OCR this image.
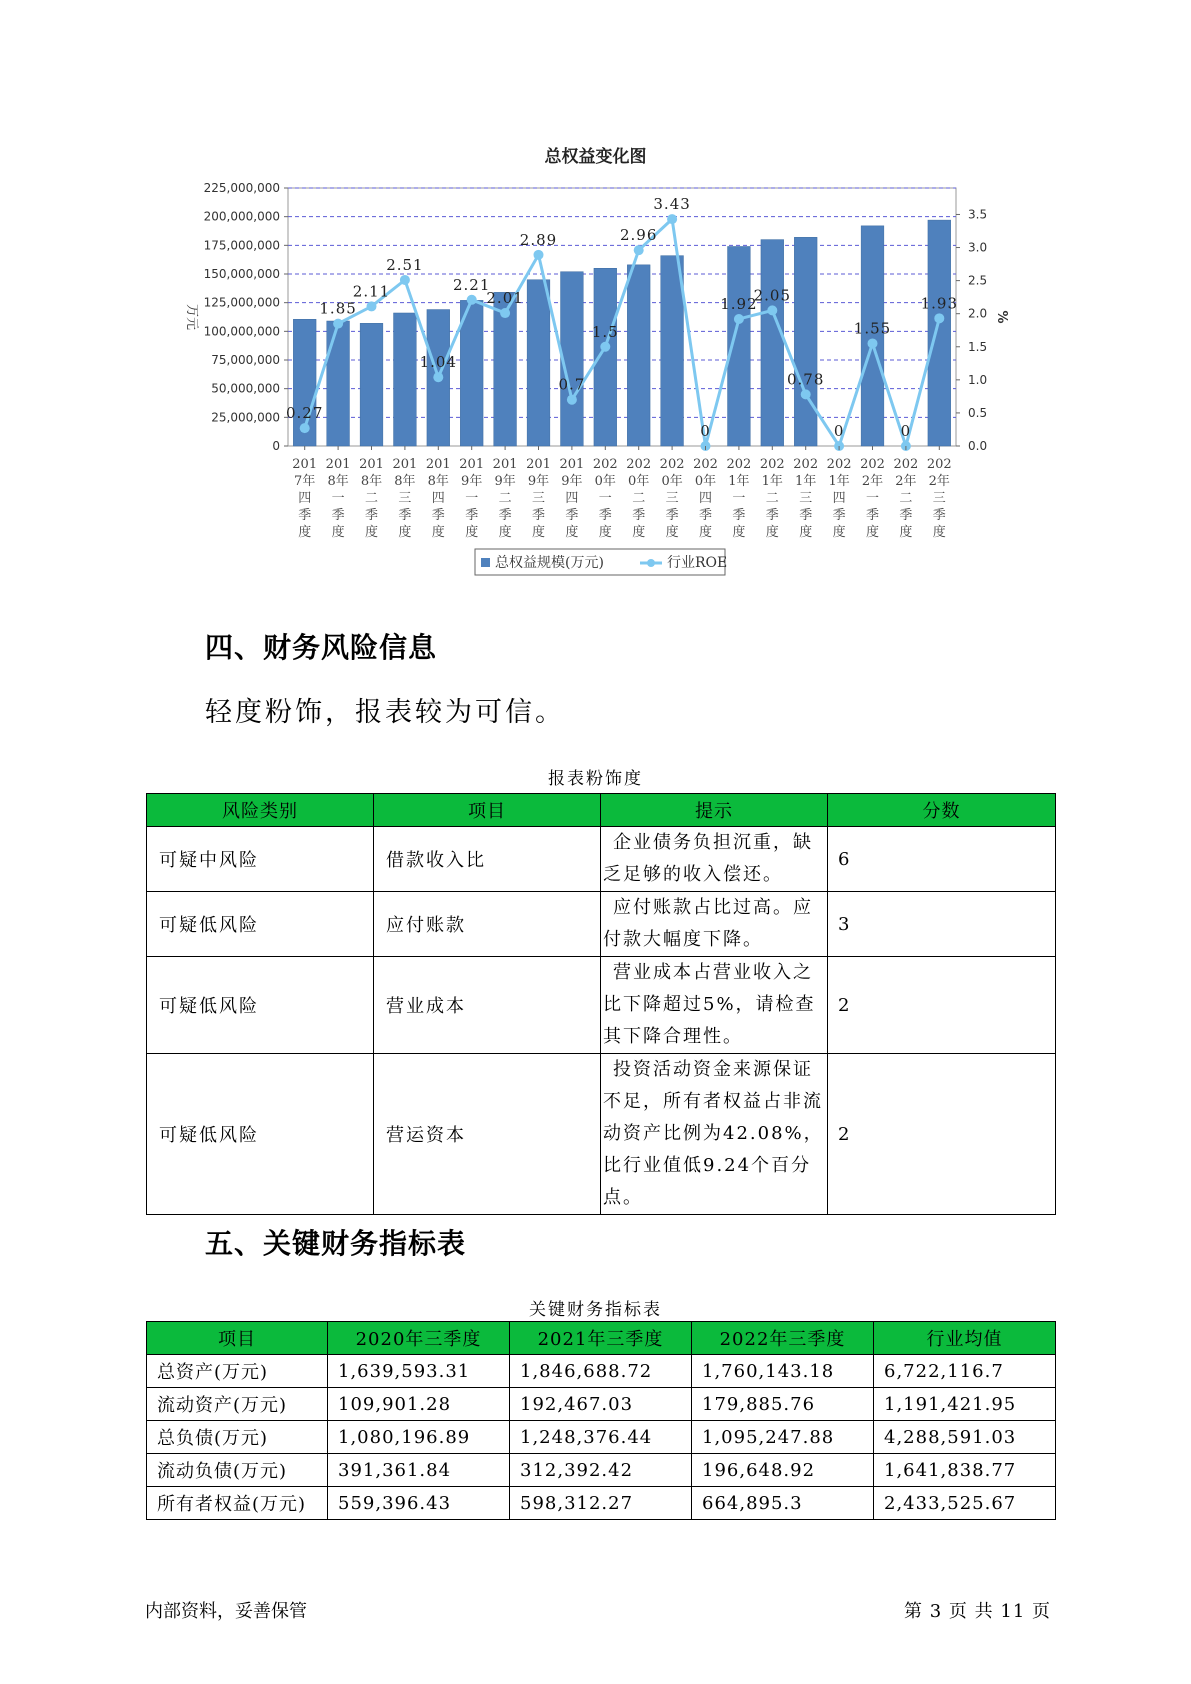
总权益变化图
0
25,000,000
50,000,000
75,000,000
100,000,000
125,000,000
150,000,000
175,000,000
200,000,000
225,000,000
0.0
0.5
1.0
1.5
2.0
2.5
3.0
3.5
万元	%
0.27
1.85
2.11
2.51
1.04
2.21
2.01
2.89
0.7
1.5
2.96
3.43
0
1.92
2.05
0.78
0
1.55
0
1.93
201
7年
四
季
度
201
8年
一
季
度
201
8年
二
季
度
201
8年
三
季
度
201
8年
四
季
度
201
9年
一
季
度
201
9年
二
季
度
201
9年
三
季
度
201
9年
四
季
度
202
0年
一
季
度
202
0年
二
季
度
202
0年
三
季
度
202
0年
四
季
度
202
1年
一
季
度
202
1年
二
季
度
202
1年
三
季
度
202
1年
四
季
度
202
2年
一
季
度
202
2年
二
季
度
202
2年
三
季
度
总权益规模(万元)	行业ROE
四、财务风险信息
轻度粉饰，报表较为可信。
报表粉饰度
风险类别	项目	提示	分数
可疑中风险	借款收入比	企业债务负担沉重，缺乏足够的收入偿还。	6
可疑低风险	应付账款	应付账款占比过高。应付款大幅度下降。	3
可疑低风险	营业成本	营业成本占营业收入之比下降超过5%，请检查其下降合理性。	2
可疑低风险	营运资本	投资活动资金来源保证不足，所有者权益占非流动资产比例为42.08%，比行业值低9.24个百分点。	2
五、关键财务指标表
关键财务指标表
项目	2020年三季度	2021年三季度	2022年三季度	行业均值
总资产(万元)	1,639,593.31	1,846,688.72	1,760,143.18	6,722,116.7
流动资产(万元)	109,901.28	192,467.03	179,885.76	1,191,421.95
总负债(万元)	1,080,196.89	1,248,376.44	1,095,247.88	4,288,591.03
流动负债(万元)	391,361.84	312,392.42	196,648.92	1,641,838.77
所有者权益(万元)	559,396.43	598,312.27	664,895.3	2,433,525.67
内部资料，妥善保管	第 3 页 共 11 页
